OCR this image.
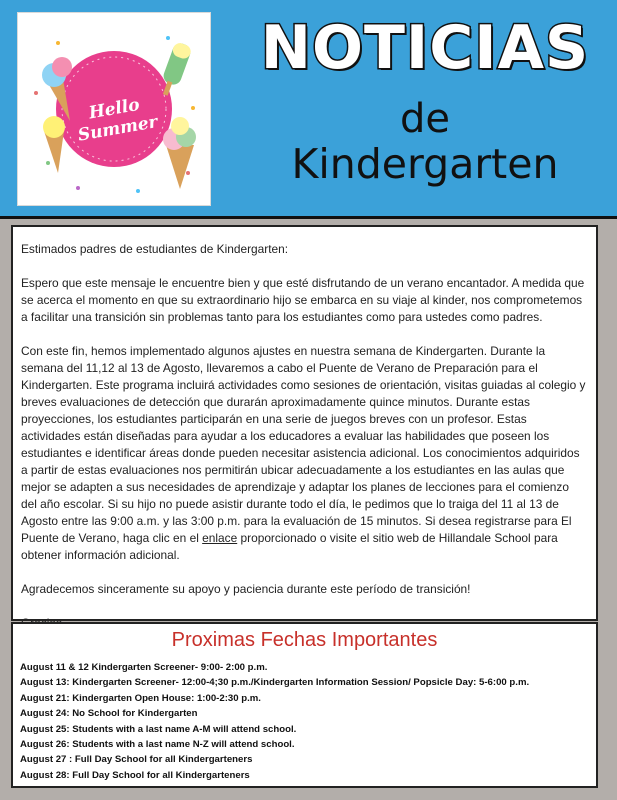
Hello Summer
NOTICIAS
de
Kindergarten

Estimados padres de estudiantes de Kindergarten:

Espero que este mensaje le encuentre bien y que esté disfrutando de un verano encantador. A medida que se acerca el momento en que su extraordinario hijo se embarca en su viaje al kinder, nos comprometemos a facilitar una transición sin problemas tanto para los estudiantes como para ustedes como padres.

Con este fin, hemos implementado algunos ajustes en nuestra semana de Kindergarten. Durante la semana del 11,12 al 13 de Agosto, llevaremos a cabo el Puente de Verano de Preparación para el Kindergarten. Este programa incluirá actividades como sesiones de orientación, visitas guiadas al colegio y breves evaluaciones de detección que durarán aproximadamente quince minutos. Durante estas proyecciones, los estudiantes participarán en una serie de juegos breves con un profesor. Estas actividades están diseñadas para ayudar a los educadores a evaluar las habilidades que poseen los estudiantes e identificar áreas donde pueden necesitar asistencia adicional. Los conocimientos adquiridos a partir de estas evaluaciones nos permitirán ubicar adecuadamente a los estudiantes en las aulas que mejor se adapten a sus necesidades de aprendizaje y adaptar los planes de lecciones para el comienzo del año escolar. Si su hijo no puede asistir durante todo el día, le pedimos que lo traiga del 11 al 13 de Agosto entre las 9:00 a.m. y las 3:00 p.m. para la evaluación de 15 minutos. Si desea registrarse para El Puente de Verano, haga clic en el enlace proporcionado o visite el sitio web de Hillandale School para obtener información adicional.

Agradecemos sinceramente su apoyo y paciencia durante este período de transición!

Proximas Fechas Importantes
August 11 & 12 Kindergarten Screener- 9:00- 2:00 p.m.
August 13: Kindergarten Screener- 12:00-4;30 p.m./Kindergarten Information Session/ Popsicle Day: 5-6:00 p.m.
August 21: Kindergarten Open House: 1:00-2:30 p.m.
August 24: No School for Kindergarten
August 25: Students with a last name A-M will attend school.
August 26: Students with a last name N-Z will attend school.
August 27 : Full Day School for all Kindergarteners
August 28: Full Day School for all Kindergarteners
